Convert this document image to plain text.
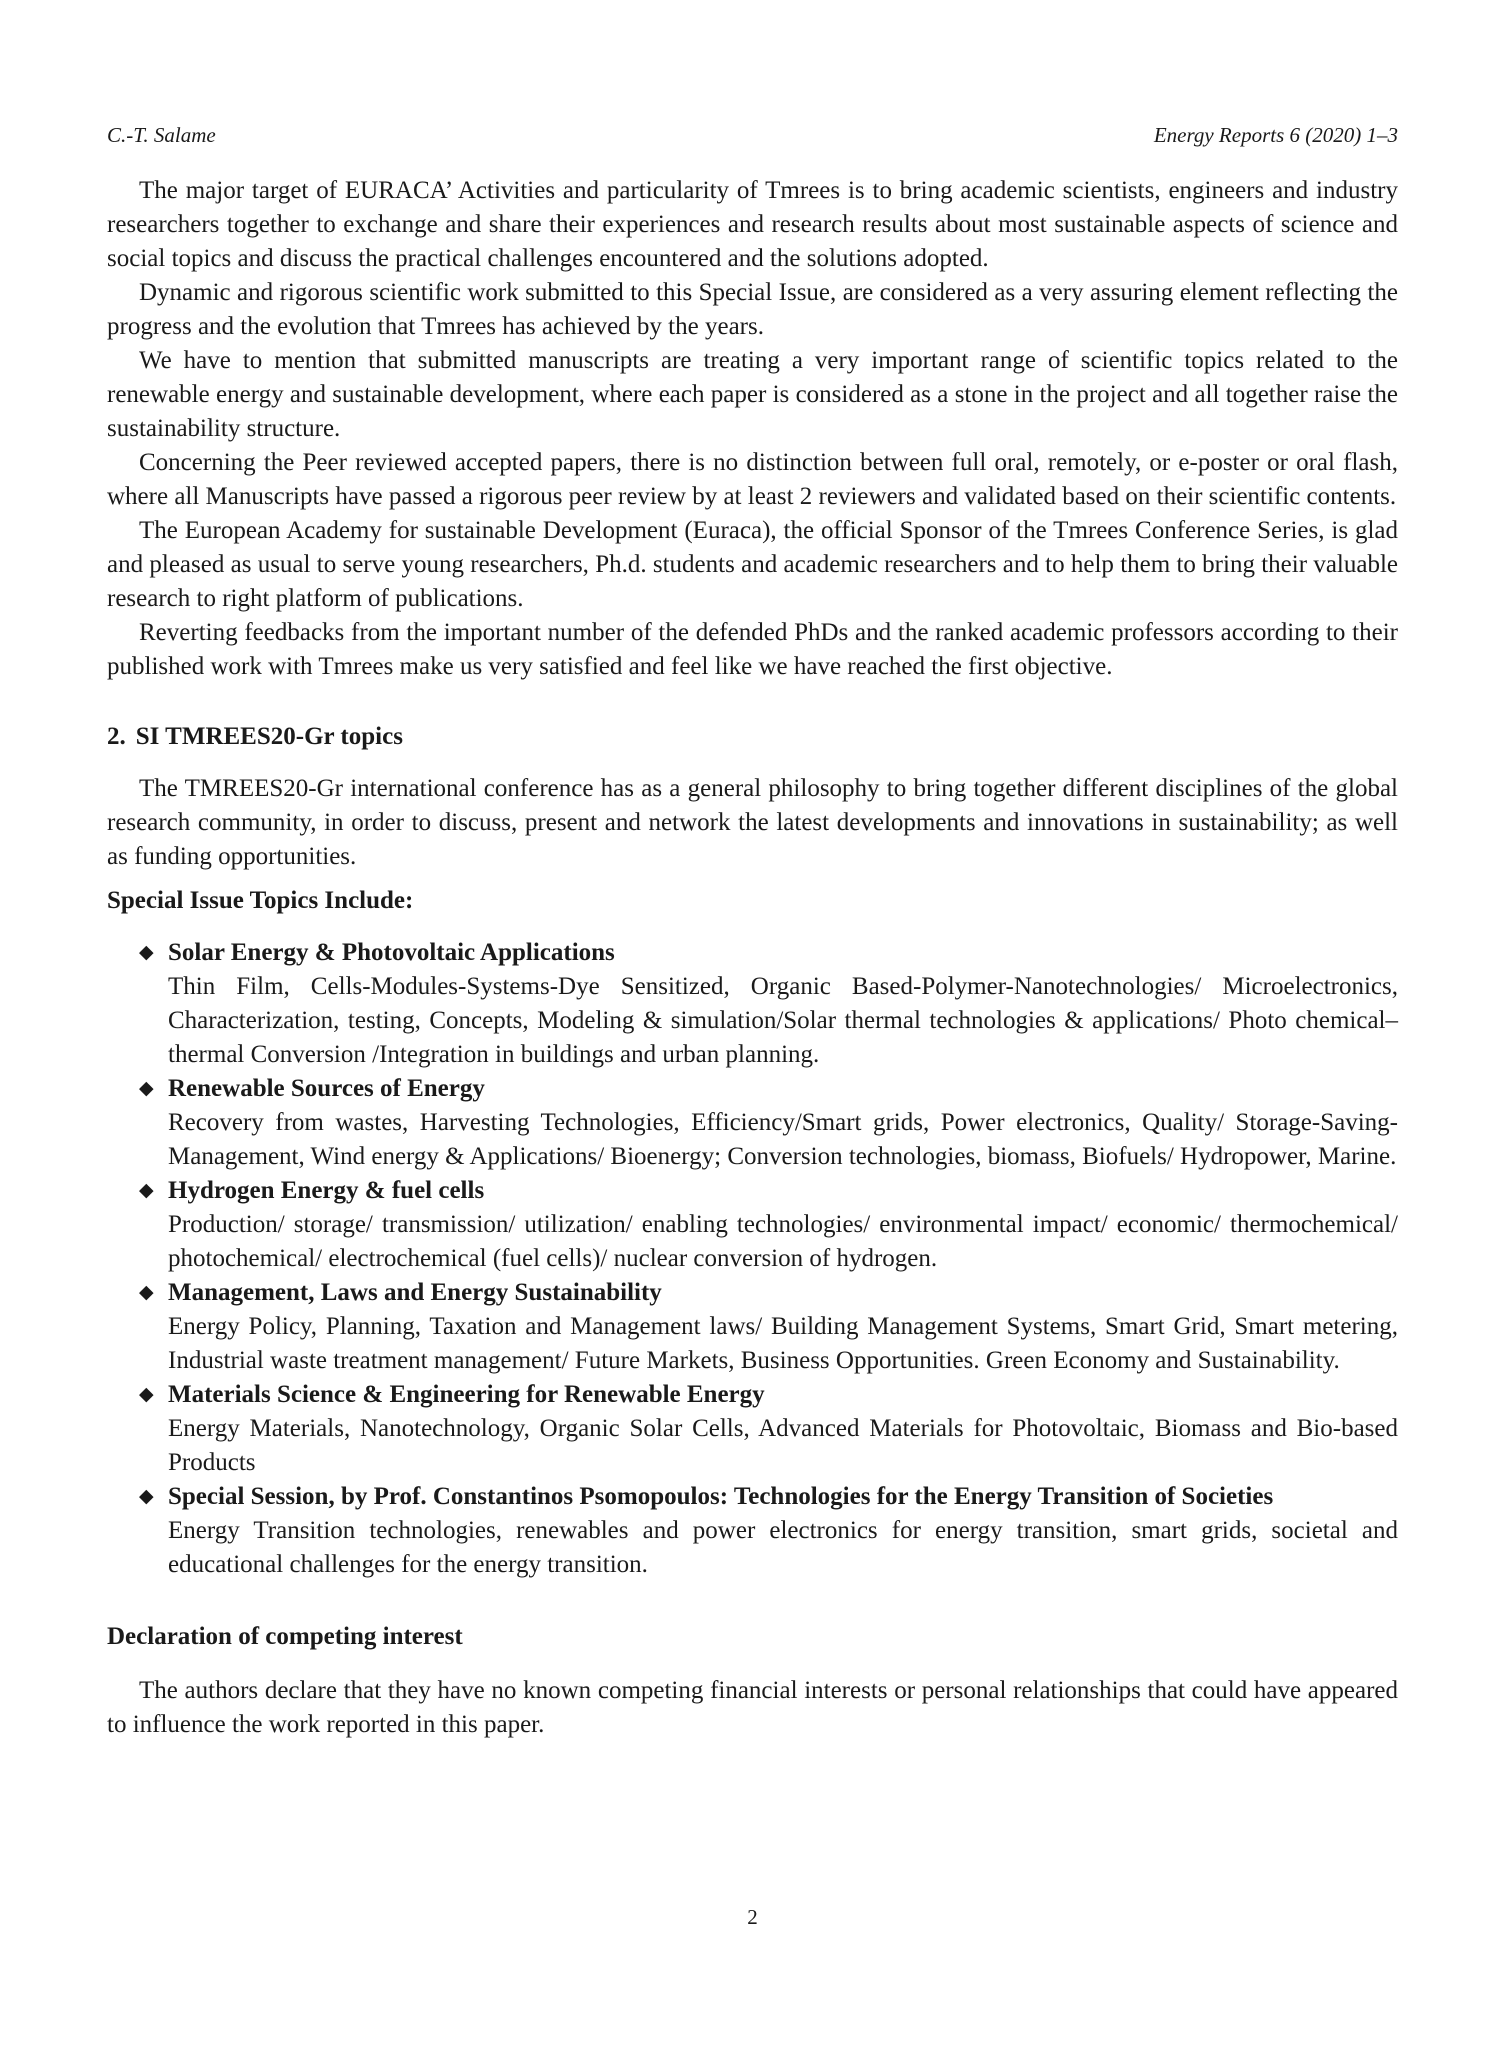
C.-T. Salame	Energy Reports 6 (2020) 1–3

The major target of EURACA’ Activities and particularity of Tmrees is to bring academic scientists, engineers and industry researchers together to exchange and share their experiences and research results about most sustainable aspects of science and social topics and discuss the practical challenges encountered and the solutions adopted.

Dynamic and rigorous scientific work submitted to this Special Issue, are considered as a very assuring element reflecting the progress and the evolution that Tmrees has achieved by the years.

We have to mention that submitted manuscripts are treating a very important range of scientific topics related to the renewable energy and sustainable development, where each paper is considered as a stone in the project and all together raise the sustainability structure.

Concerning the Peer reviewed accepted papers, there is no distinction between full oral, remotely, or e-poster or oral flash, where all Manuscripts have passed a rigorous peer review by at least 2 reviewers and validated based on their scientific contents.

The European Academy for sustainable Development (Euraca), the official Sponsor of the Tmrees Conference Series, is glad and pleased as usual to serve young researchers, Ph.d. students and academic researchers and to help them to bring their valuable research to right platform of publications.

Reverting feedbacks from the important number of the defended PhDs and the ranked academic professors according to their published work with Tmrees make us very satisfied and feel like we have reached the first objective.

2. SI TMREES20-Gr topics

The TMREES20-Gr international conference has as a general philosophy to bring together different disciplines of the global research community, in order to discuss, present and network the latest developments and innovations in sustainability; as well as funding opportunities.

Special Issue Topics Include:
◆ Solar Energy & Photovoltaic Applications
Thin Film, Cells-Modules-Systems-Dye Sensitized, Organic Based-Polymer-Nanotechnologies/ Microelectronics, Characterization, testing, Concepts, Modeling & simulation/Solar thermal technologies & applications/ Photo chemical–thermal Conversion /Integration in buildings and urban planning.
◆ Renewable Sources of Energy
Recovery from wastes, Harvesting Technologies, Efficiency/Smart grids, Power electronics, Quality/ Storage-Saving-Management, Wind energy & Applications/ Bioenergy; Conversion technologies, biomass, Biofuels/ Hydropower, Marine.
◆ Hydrogen Energy & fuel cells
Production/ storage/ transmission/ utilization/ enabling technologies/ environmental impact/ economic/ thermochemical/ photochemical/ electrochemical (fuel cells)/ nuclear conversion of hydrogen.
◆ Management, Laws and Energy Sustainability
Energy Policy, Planning, Taxation and Management laws/ Building Management Systems, Smart Grid, Smart metering, Industrial waste treatment management/ Future Markets, Business Opportunities. Green Economy and Sustainability.
◆ Materials Science & Engineering for Renewable Energy
Energy Materials, Nanotechnology, Organic Solar Cells, Advanced Materials for Photovoltaic, Biomass and Bio-based Products
◆ Special Session, by Prof. Constantinos Psomopoulos: Technologies for the Energy Transition of Societies
Energy Transition technologies, renewables and power electronics for energy transition, smart grids, societal and educational challenges for the energy transition.
Declaration of competing interest

The authors declare that they have no known competing financial interests or personal relationships that could have appeared to influence the work reported in this paper.

2
